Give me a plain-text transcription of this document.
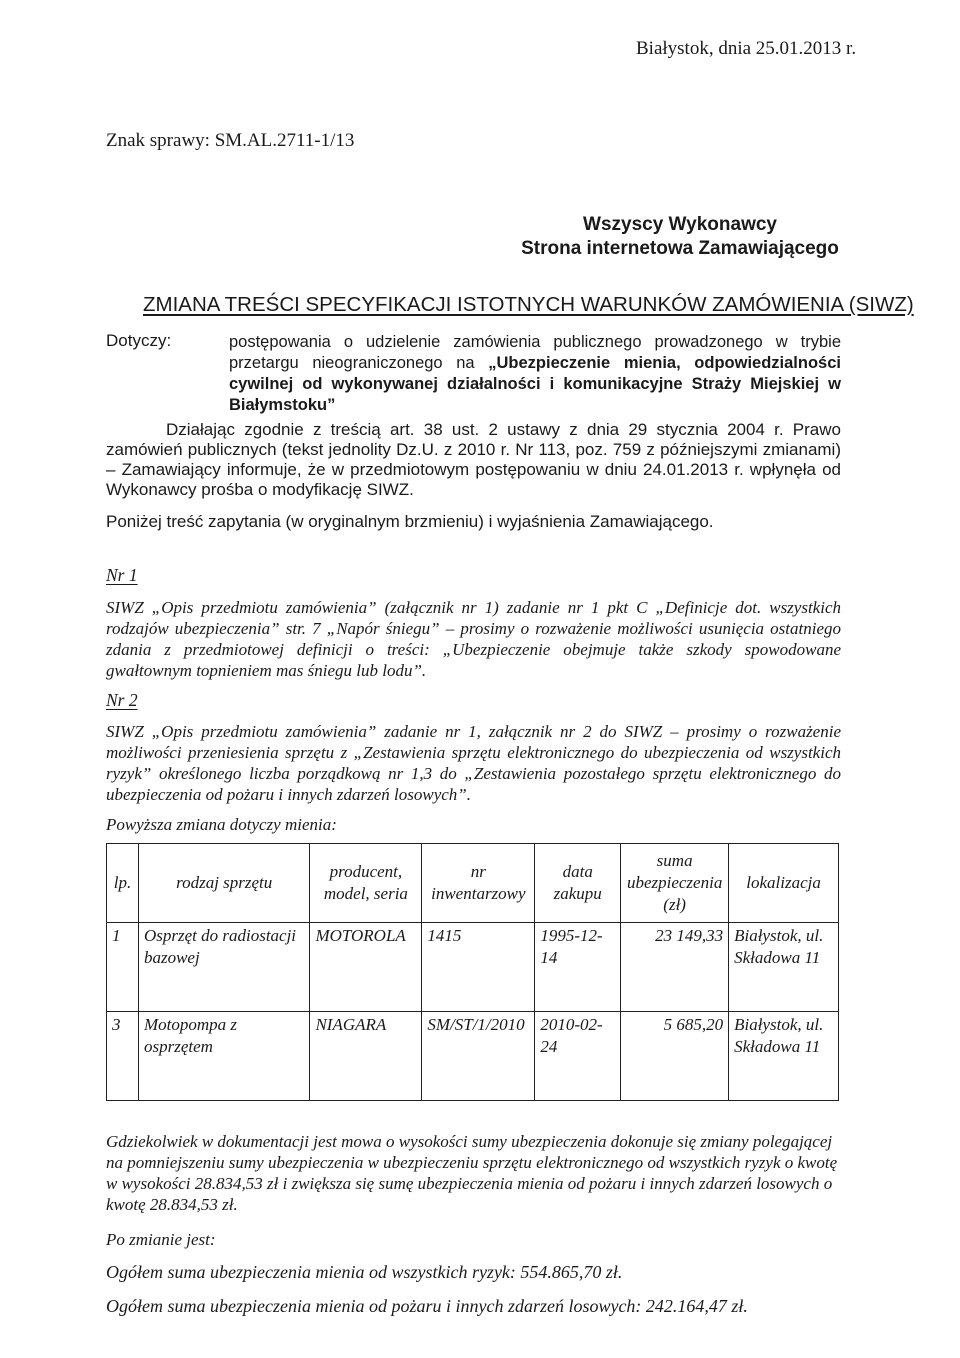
Białystok, dnia 25.01.2013 r.
Znak sprawy: SM.AL.2711-1/13
Wszyscy Wykonawcy
Strona internetowa Zamawiającego
ZMIANA TREŚCI SPECYFIKACJI ISTOTNYCH WARUNKÓW ZAMÓWIENIA (SIWZ)
Dotyczy:	postępowania o udzielenie zamówienia publicznego prowadzonego w trybie przetargu nieograniczonego na „Ubezpieczenie mienia, odpowiedzialności cywilnej od wykonywanej działalności i komunikacyjne Straży Miejskiej w Białymstoku”
Działając zgodnie z treścią art. 38 ust. 2 ustawy z dnia 29 stycznia 2004 r. Prawo zamówień publicznych (tekst jednolity Dz.U. z 2010 r. Nr 113, poz. 759 z późniejszymi zmianami) – Zamawiający informuje, że w przedmiotowym postępowaniu w dniu 24.01.2013 r. wpłynęła od Wykonawcy prośba o modyfikację SIWZ.
Poniżej treść zapytania (w oryginalnym brzmieniu) i wyjaśnienia Zamawiającego.
Nr 1
SIWZ „Opis przedmiotu zamówienia” (załącznik nr 1) zadanie nr 1 pkt C „Definicje dot. wszystkich rodzajów ubezpieczenia” str. 7 „Napór śniegu” – prosimy o rozważenie możliwości usunięcia ostatniego zdania z przedmiotowej definicji o treści: „Ubezpieczenie obejmuje także szkody spowodowane gwałtownym topnieniem mas śniegu lub lodu”.
Nr 2
SIWZ „Opis przedmiotu zamówienia” zadanie nr 1, załącznik nr 2 do SIWZ – prosimy o rozważenie możliwości przeniesienia sprzętu z „Zestawienia sprzętu elektronicznego do ubezpieczenia od wszystkich ryzyk” określonego liczba porządkową nr 1,3 do „Zestawienia pozostałego sprzętu elektronicznego do ubezpieczenia od pożaru i innych zdarzeń losowych”.
Powyższa zmiana dotyczy mienia:
lp.	rodzaj sprzętu	producent, model, seria	nr inwentarzowy	data zakupu	suma ubezpieczenia (zł)	lokalizacja
1	Osprzęt do radiostacji bazowej	MOTOROLA	1415	1995-12-14	23 149,33	Białystok, ul. Składowa 11
3	Motopompa z osprzętem	NIAGARA	SM/ST/1/2010	2010-02-24	5 685,20	Białystok, ul. Składowa 11
Gdziekolwiek w dokumentacji jest mowa o wysokości sumy ubezpieczenia dokonuje się zmiany polegającej na pomniejszeniu sumy ubezpieczenia w ubezpieczeniu sprzętu elektronicznego od wszystkich ryzyk o kwotę w wysokości 28.834,53 zł i zwiększa się sumę ubezpieczenia mienia od pożaru i innych zdarzeń losowych o kwotę 28.834,53 zł.
Po zmianie jest:
Ogółem suma ubezpieczenia mienia od wszystkich ryzyk: 554.865,70 zł.
Ogółem suma ubezpieczenia mienia od pożaru i innych zdarzeń losowych: 242.164,47 zł.
